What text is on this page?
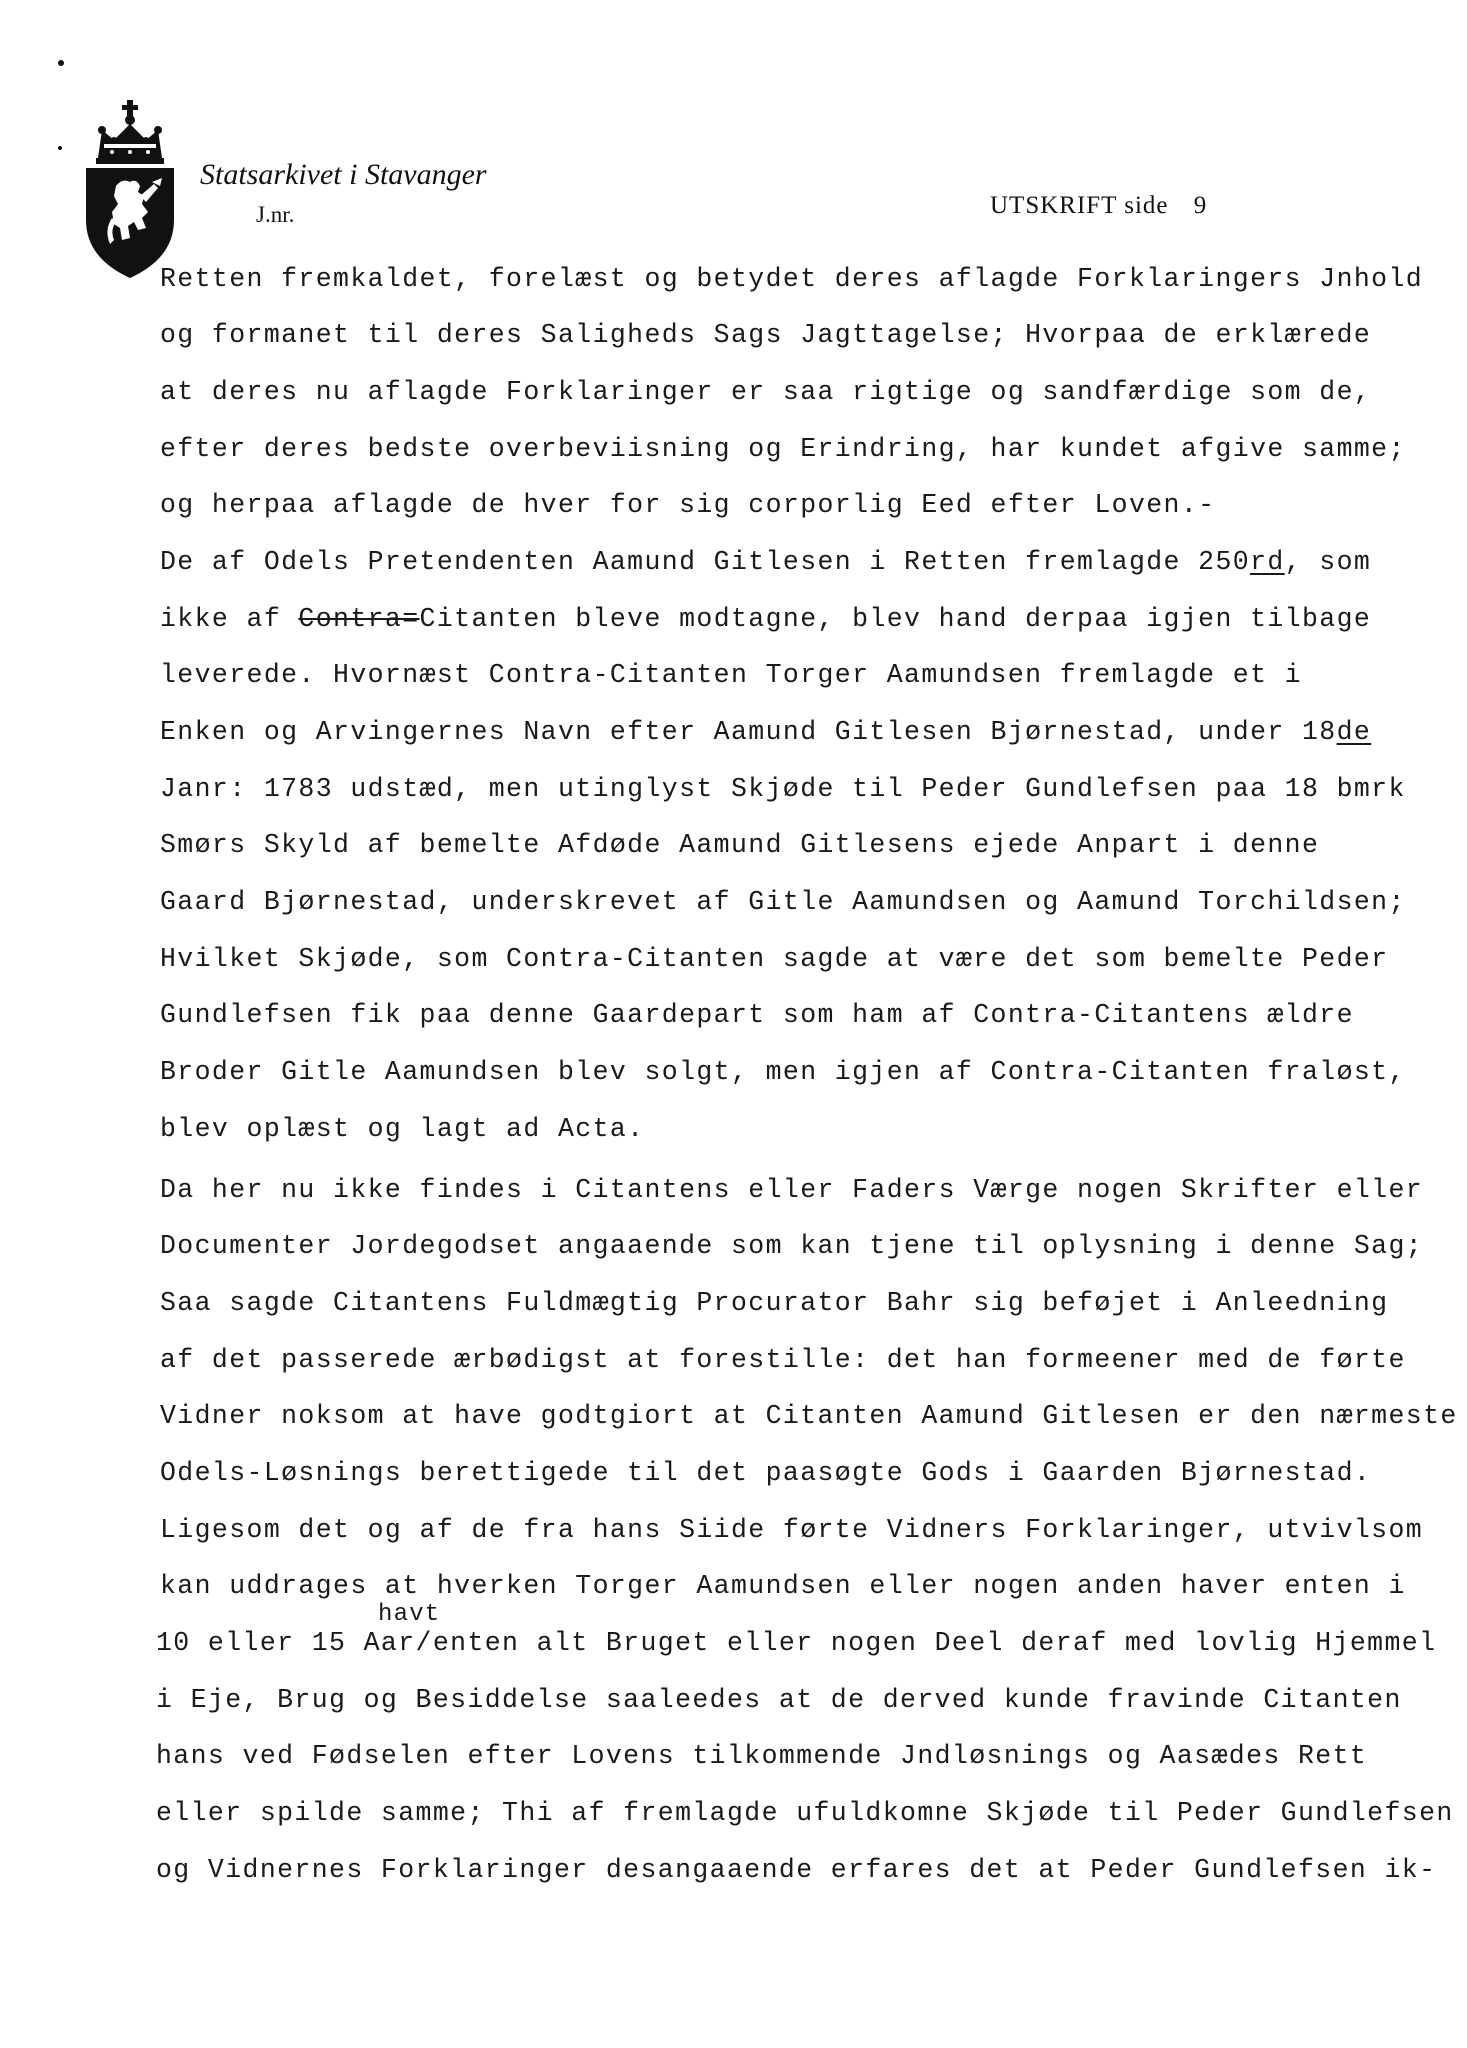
Statsarkivet i Stavanger
J.nr.	UTSKRIFT side 9
Retten fremkaldet, forelæst og betydet deres aflagde Forklaringers Jnhold
og formanet til deres Saligheds Sags Jagttagelse; Hvorpaa de erklærede
at deres nu aflagde Forklaringer er saa rigtige og sandfærdige som de,
efter deres bedste overbeviisning og Erindring, har kundet afgive samme;
og herpaa aflagde de hver for sig corporlig Eed efter Loven.-
De af Odels Pretendenten Aamund Gitlesen i Retten fremlagde 250rd, som
ikke af Contra=Citanten bleve modtagne, blev hand derpaa igjen tilbage
leverede. Hvornæst Contra-Citanten Torger Aamundsen fremlagde et i
Enken og Arvingernes Navn efter Aamund Gitlesen Bjørnestad, under 18de
Janr: 1783 udstæd, men utinglyst Skjøde til Peder Gundlefsen paa 18 bmrk
Smørs Skyld af bemelte Afdøde Aamund Gitlesens ejede Anpart i denne
Gaard Bjørnestad, underskrevet af Gitle Aamundsen og Aamund Torchildsen;
Hvilket Skjøde, som Contra-Citanten sagde at være det som bemelte Peder
Gundlefsen fik paa denne Gaardepart som ham af Contra-Citantens ældre
Broder Gitle Aamundsen blev solgt, men igjen af Contra-Citanten fraløst,
blev oplæst og lagt ad Acta.
Da her nu ikke findes i Citantens eller Faders Værge nogen Skrifter eller
Documenter Jordegodset angaaende som kan tjene til oplysning i denne Sag;
Saa sagde Citantens Fuldmægtig Procurator Bahr sig beføjet i Anleedning
af det passerede ærbødigst at forestille: det han formeener med de førte
Vidner noksom at have godtgiort at Citanten Aamund Gitlesen er den nærmeste
Odels-Løsnings berettigede til det paasøgte Gods i Gaarden Bjørnestad.
Ligesom det og af de fra hans Siide førte Vidners Forklaringer, utvivlsom
kan uddrages at hverken Torger Aamundsen eller nogen anden haver enten i
havt
10 eller 15 Aar/enten alt Bruget eller nogen Deel deraf med lovlig Hjemmel
i Eje, Brug og Besiddelse saaleedes at de derved kunde fravinde Citanten
hans ved Fødselen efter Lovens tilkommende Jndløsnings og Aasædes Rett
eller spilde samme; Thi af fremlagde ufuldkomne Skjøde til Peder Gundlefsen
og Vidnernes Forklaringer desangaaende erfares det at Peder Gundlefsen ik-
